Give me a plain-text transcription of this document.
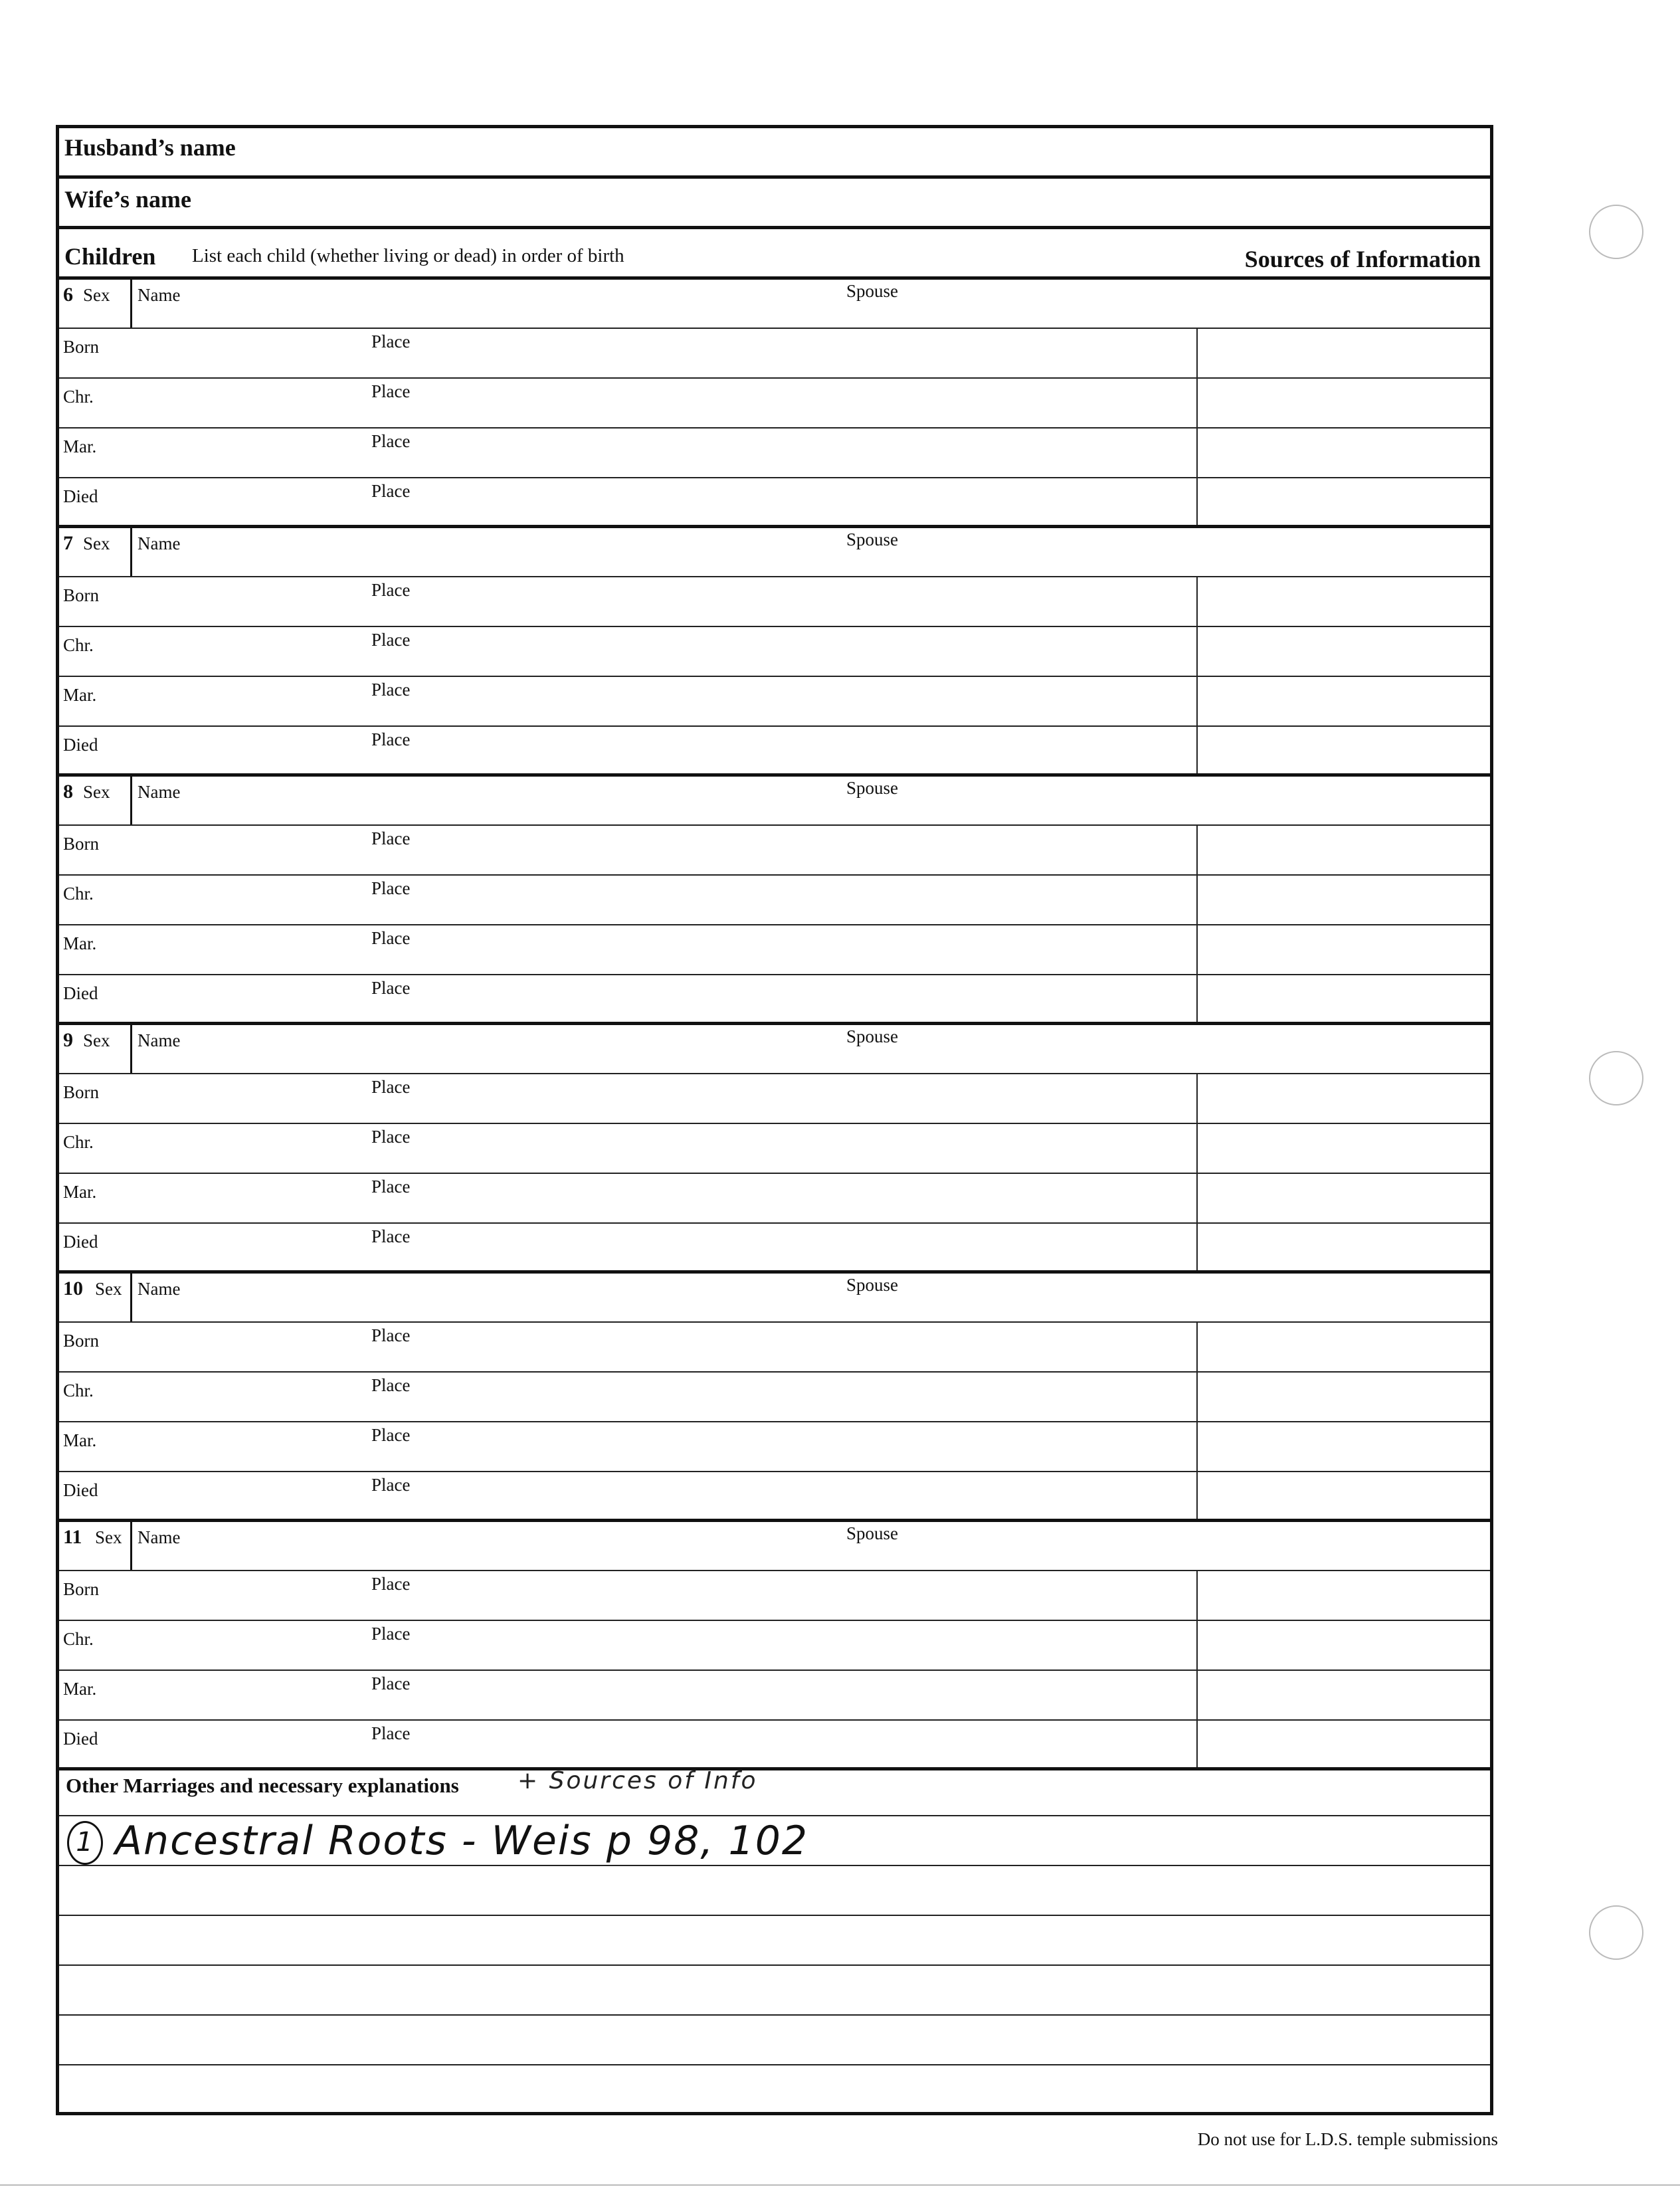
Husband’s name
Wife’s name
Children List each child (whether living or dead) in order of birth	Sources of Information
6 Sex Name	Spouse
Born	Place
Chr.	Place
Mar.	Place
Died	Place
7 Sex Name	Spouse
Born	Place
Chr.	Place
Mar.	Place
Died	Place
8 Sex Name	Spouse
Born	Place
Chr.	Place
Mar.	Place
Died	Place
9 Sex Name	Spouse
Born	Place
Chr.	Place
Mar.	Place
Died	Place
10 Sex Name	Spouse
Born	Place
Chr.	Place
Mar.	Place
Died	Place
11 Sex Name	Spouse
Born	Place
Chr.	Place
Mar.	Place
Died	Place
Other Marriages and necessary explanations + Sources of Info
1 Ancestral Roots - Weis p 98, 102
Do not use for L.D.S. temple submissions
